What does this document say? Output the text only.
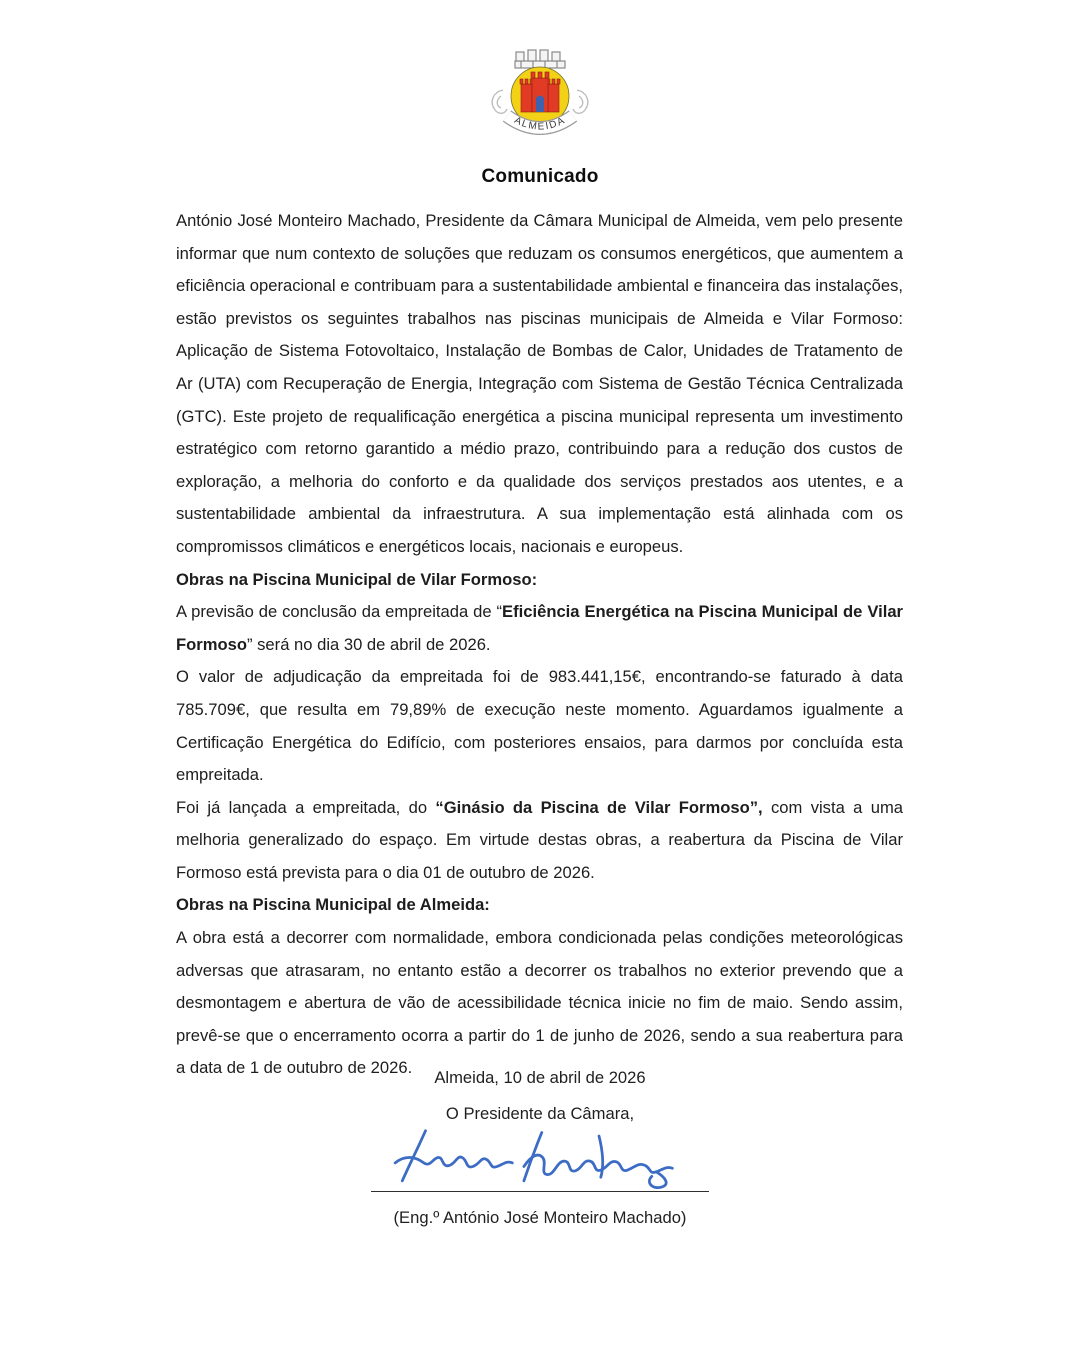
ALMEIDA
Comunicado

António José Monteiro Machado, Presidente da Câmara Municipal de Almeida, vem pelo presente informar que num contexto de soluções que reduzam os consumos energéticos, que aumentem a eficiência operacional e contribuam para a sustentabilidade ambiental e financeira das instalações, estão previstos os seguintes trabalhos nas piscinas municipais de Almeida e Vilar Formoso: Aplicação de Sistema Fotovoltaico, Instalação de Bombas de Calor, Unidades de Tratamento de Ar (UTA) com Recuperação de Energia, Integração com Sistema de Gestão Técnica Centralizada (GTC). Este projeto de requalificação energética a piscina municipal representa um investimento estratégico com retorno garantido a médio prazo, contribuindo para a redução dos custos de exploração, a melhoria do conforto e da qualidade dos serviços prestados aos utentes, e a sustentabilidade ambiental da infraestrutura. A sua implementação está alinhada com os compromissos climáticos e energéticos locais, nacionais e europeus.

Obras na Piscina Municipal de Vilar Formoso:

A previsão de conclusão da empreitada de “Eficiência Energética na Piscina Municipal de Vilar Formoso” será no dia 30 de abril de 2026.

O valor de adjudicação da empreitada foi de 983.441,15€, encontrando-se faturado à data 785.709€, que resulta em 79,89% de execução neste momento. Aguardamos igualmente a Certificação Energética do Edifício, com posteriores ensaios, para darmos por concluída esta empreitada.

Foi já lançada a empreitada, do “Ginásio da Piscina de Vilar Formoso”, com vista a uma melhoria generalizado do espaço. Em virtude destas obras, a reabertura da Piscina de Vilar Formoso está prevista para o dia 01 de outubro de 2026.

Obras na Piscina Municipal de Almeida:

A obra está a decorrer com normalidade, embora condicionada pelas condições meteorológicas adversas que atrasaram, no entanto estão a decorrer os trabalhos no exterior prevendo que a desmontagem e abertura de vão de acessibilidade técnica inicie no fim de maio. Sendo assim, prevê-se que o encerramento ocorra a partir do 1 de junho de 2026, sendo a sua reabertura para a data de 1 de outubro de 2026.

Almeida, 10 de abril de 2026
O Presidente da Câmara,
(Eng.º António José Monteiro Machado)
